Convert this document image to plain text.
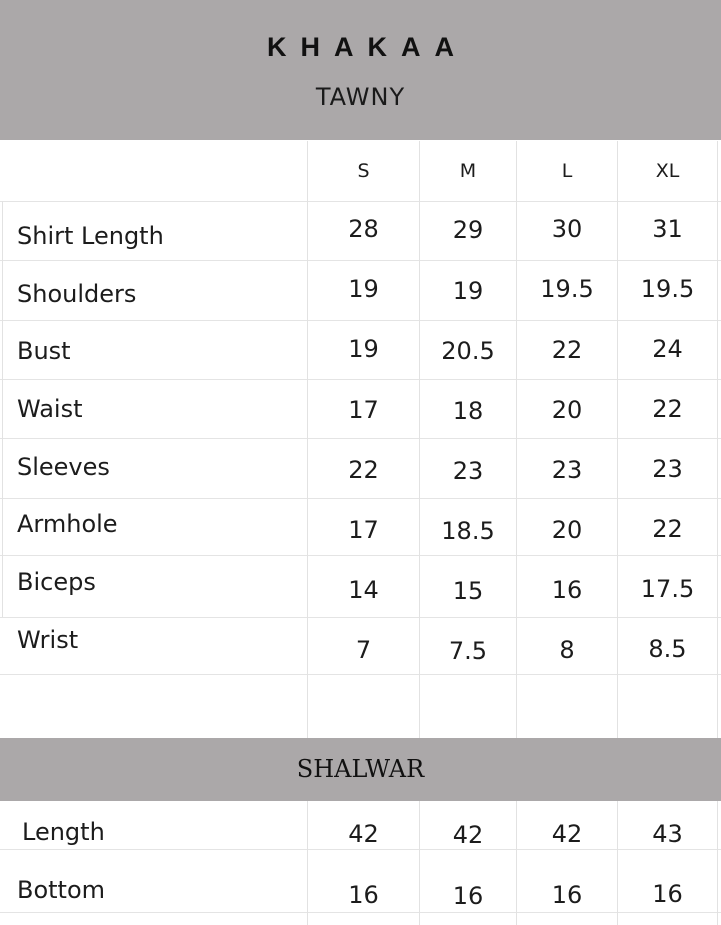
KHAKAA
TAWNY
S	M	L	XL
Shirt Length	28	29	30	31
Shoulders	19	19	19.5	19.5
Bust	19	20.5	22	24
Waist	17	18	20	22
Sleeves	22	23	23	23
Armhole	17	18.5	20	22
Biceps	14	15	16	17.5
Wrist	7	7.5	8	8.5
SHALWAR
Length	42	42	42	43
Bottom	16	16	16	16
